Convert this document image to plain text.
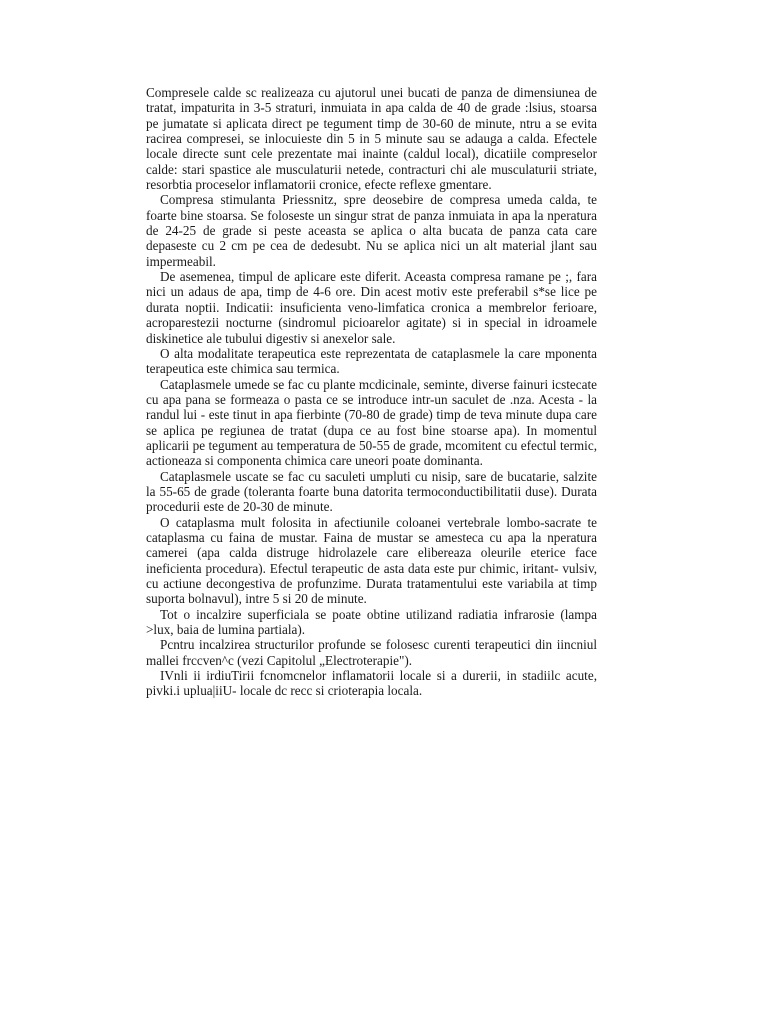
Compresele calde sc realizeaza cu ajutorul unei bucati de panza de dimensiunea de tratat, impaturita in 3-5 straturi, inmuiata in apa calda de 40 de grade :lsius, stoarsa pe jumatate si aplicata direct pe tegument timp de 30-60 de minute, ntru a se evita racirea compresei, se inlocuieste din 5 in 5 minute sau se adauga a calda. Efectele locale directe sunt cele prezentate mai inainte (caldul local), dicatiile compreselor calde: stari spastice ale musculaturii netede, contracturi chi ale musculaturii striate, resorbtia proceselor inflamatorii cronice, efecte reflexe gmentare.

Compresa stimulanta Priessnitz, spre deosebire de compresa umeda calda, te foarte bine stoarsa. Se foloseste un singur strat de panza inmuiata in apa la nperatura de 24-25 de grade si peste aceasta se aplica o alta bucata de panza cata care depaseste cu 2 cm pe cea de dedesubt. Nu se aplica nici un alt material jlant sau impermeabil.

De asemenea, timpul de aplicare este diferit. Aceasta compresa ramane pe ;, fara nici un adaus de apa, timp de 4-6 ore. Din acest motiv este preferabil s*se lice pe durata noptii. Indicatii: insuficienta veno-limfatica cronica a membrelor ferioare, acroparestezii nocturne (sindromul picioarelor agitate) si in special in idroamele diskinetice ale tubului digestiv si anexelor sale.

O alta modalitate terapeutica este reprezentata de cataplasmele la care mponenta terapeutica este chimica sau termica.

Cataplasmele umede se fac cu plante mcdicinale, seminte, diverse fainuri icstecate cu apa pana se formeaza o pasta ce se introduce intr-un saculet de .nza. Acesta - la randul lui - este tinut in apa fierbinte (70-80 de grade) timp de teva minute dupa care se aplica pe regiunea de tratat (dupa ce au fost bine stoarse apa). In momentul aplicarii pe tegument au temperatura de 50-55 de grade, mcomitent cu efectul termic, actioneaza si componenta chimica care uneori poate dominanta.

Cataplasmele uscate se fac cu saculeti umpluti cu nisip, sare de bucatarie, salzite la 55-65 de grade (toleranta foarte buna datorita termoconductibilitatii duse). Durata procedurii este de 20-30 de minute.

O cataplasma mult folosita in afectiunile coloanei vertebrale lombo-sacrate te cataplasma cu faina de mustar. Faina de mustar se amesteca cu apa la nperatura camerei (apa calda distruge hidrolazele care elibereaza oleurile eterice face ineficienta procedura). Efectul terapeutic de asta data este pur chimic, iritant- vulsiv, cu actiune decongestiva de profunzime. Durata tratamentului este variabila at timp suporta bolnavul), intre 5 si 20 de minute.

Tot o incalzire superficiala se poate obtine utilizand radiatia infrarosie (lampa >lux, baia de lumina partiala).

Pcntru incalzirea structurilor profunde se folosesc curenti terapeutici din iincniul mallei frccven^c (vezi Capitolul „Electroterapie").

IVnli ii irdiuTirii fcnomcnelor inflamatorii locale si a durerii, in stadiilc acute, pivki.i uplua|iiU- locale dc recc si crioterapia locala.
